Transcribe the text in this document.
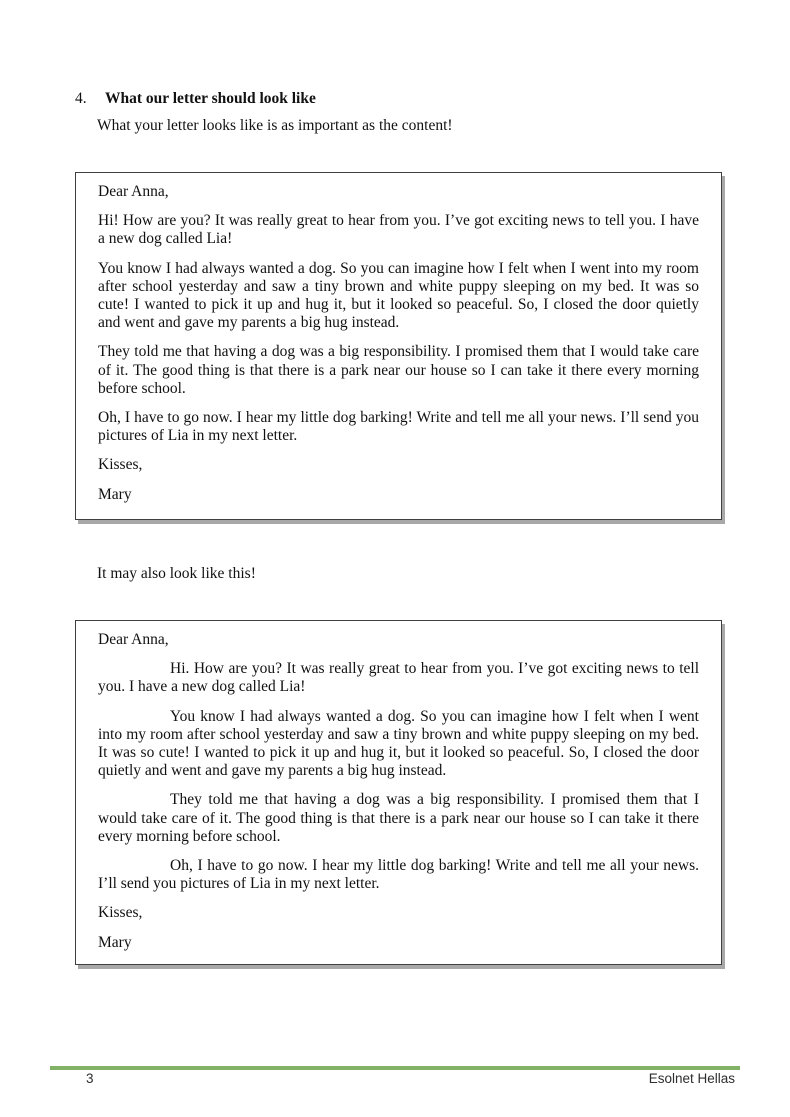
4. What our letter should look like

What your letter looks like is as important as the content!

Dear Anna,

Hi! How are you? It was really great to hear from you. I’ve got exciting news to tell you. I have a new dog called Lia!

You know I had always wanted a dog. So you can imagine how I felt when I went into my room after school yesterday and saw a tiny brown and white puppy sleeping on my bed. It was so cute! I wanted to pick it up and hug it, but it looked so peaceful. So, I closed the door quietly and went and gave my parents a big hug instead.

They told me that having a dog was a big responsibility. I promised them that I would take care of it. The good thing is that there is a park near our house so I can take it there every morning before school.

Oh, I have to go now. I hear my little dog barking! Write and tell me all your news. I’ll send you pictures of Lia in my next letter.

Kisses,

Mary

It may also look like this!

Dear Anna,

Hi. How are you? It was really great to hear from you. I’ve got exciting news to tell you. I have a new dog called Lia!

You know I had always wanted a dog. So you can imagine how I felt when I went into my room after school yesterday and saw a tiny brown and white puppy sleeping on my bed. It was so cute! I wanted to pick it up and hug it, but it looked so peaceful. So, I closed the door quietly and went and gave my parents a big hug instead.

They told me that having a dog was a big responsibility. I promised them that I would take care of it. The good thing is that there is a park near our house so I can take it there every morning before school.

Oh, I have to go now. I hear my little dog barking! Write and tell me all your news. I’ll send you pictures of Lia in my next letter.

Kisses,

Mary

3	Esolnet Hellas
